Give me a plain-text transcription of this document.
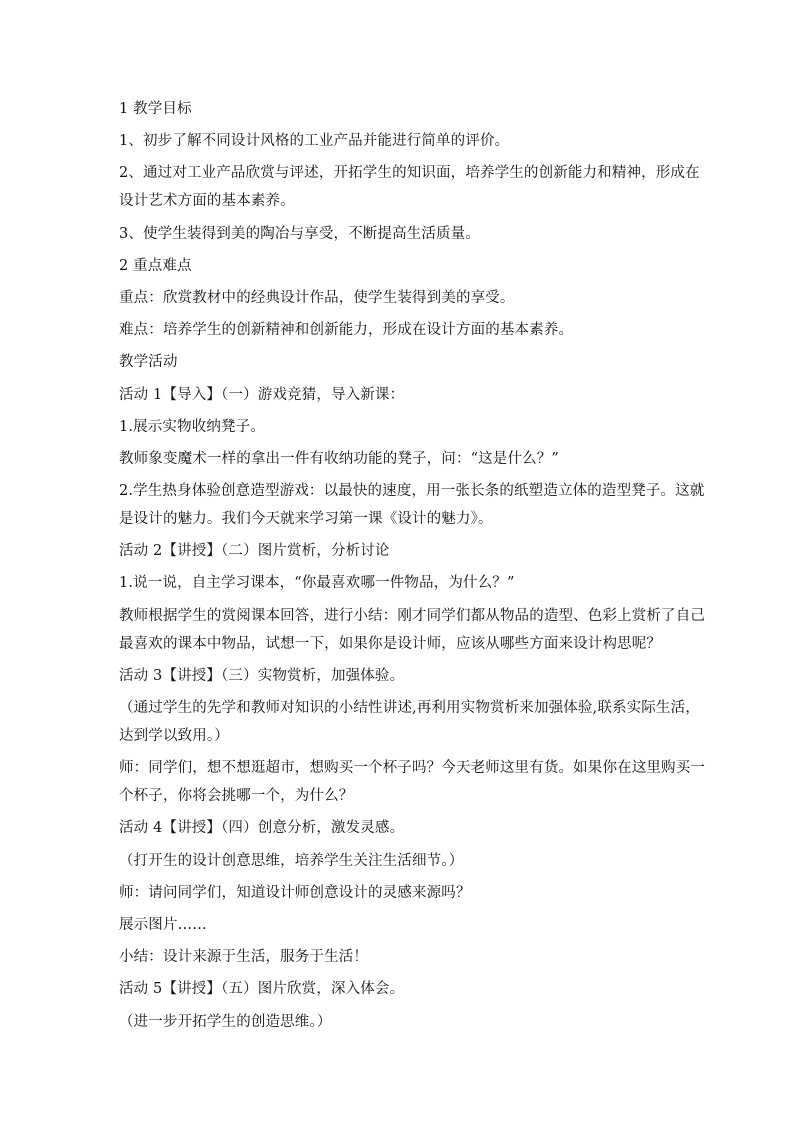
1 教学目标
1、初步了解不同设计风格的工业产品并能进行简单的评价。
2、通过对工业产品欣赏与评述，开拓学生的知识面，培养学生的创新能力和精神，形成在
设计艺术方面的基本素养。
3、使学生装得到美的陶冶与享受，不断提高生活质量。
2 重点难点
重点：欣赏教材中的经典设计作品，使学生装得到美的享受。
难点：培养学生的创新精神和创新能力，形成在设计方面的基本素养。
教学活动
活动 1【导入】（一）游戏竞猜，导入新课：
1.展示实物收纳凳子。
教师象变魔术一样的拿出一件有收纳功能的凳子，问：“这是什么？”
2.学生热身体验创意造型游戏：以最快的速度，用一张长条的纸塑造立体的造型凳子。这就
是设计的魅力。我们今天就来学习第一课《设计的魅力》。
活动 2【讲授】（二）图片赏析，分析讨论
1.说一说，自主学习课本，“你最喜欢哪一件物品，为什么？”
教师根据学生的赏阅课本回答，进行小结：刚才同学们都从物品的造型、色彩上赏析了自己
最喜欢的课本中物品，试想一下，如果你是设计师，应该从哪些方面来设计构思呢？
活动 3【讲授】（三）实物赏析，加强体验。
（通过学生的先学和教师对知识的小结性讲述,再利用实物赏析来加强体验,联系实际生活，
达到学以致用。）
师：同学们，想不想逛超市，想购买一个杯子吗？今天老师这里有货。如果你在这里购买一
个杯子，你将会挑哪一个，为什么？
活动 4【讲授】（四）创意分析，激发灵感。
（打开生的设计创意思维，培养学生关注生活细节。）
师：请问同学们，知道设计师创意设计的灵感来源吗？
展示图片……
小结：设计来源于生活，服务于生活！
活动 5【讲授】（五）图片欣赏，深入体会。
（进一步开拓学生的创造思维。）
